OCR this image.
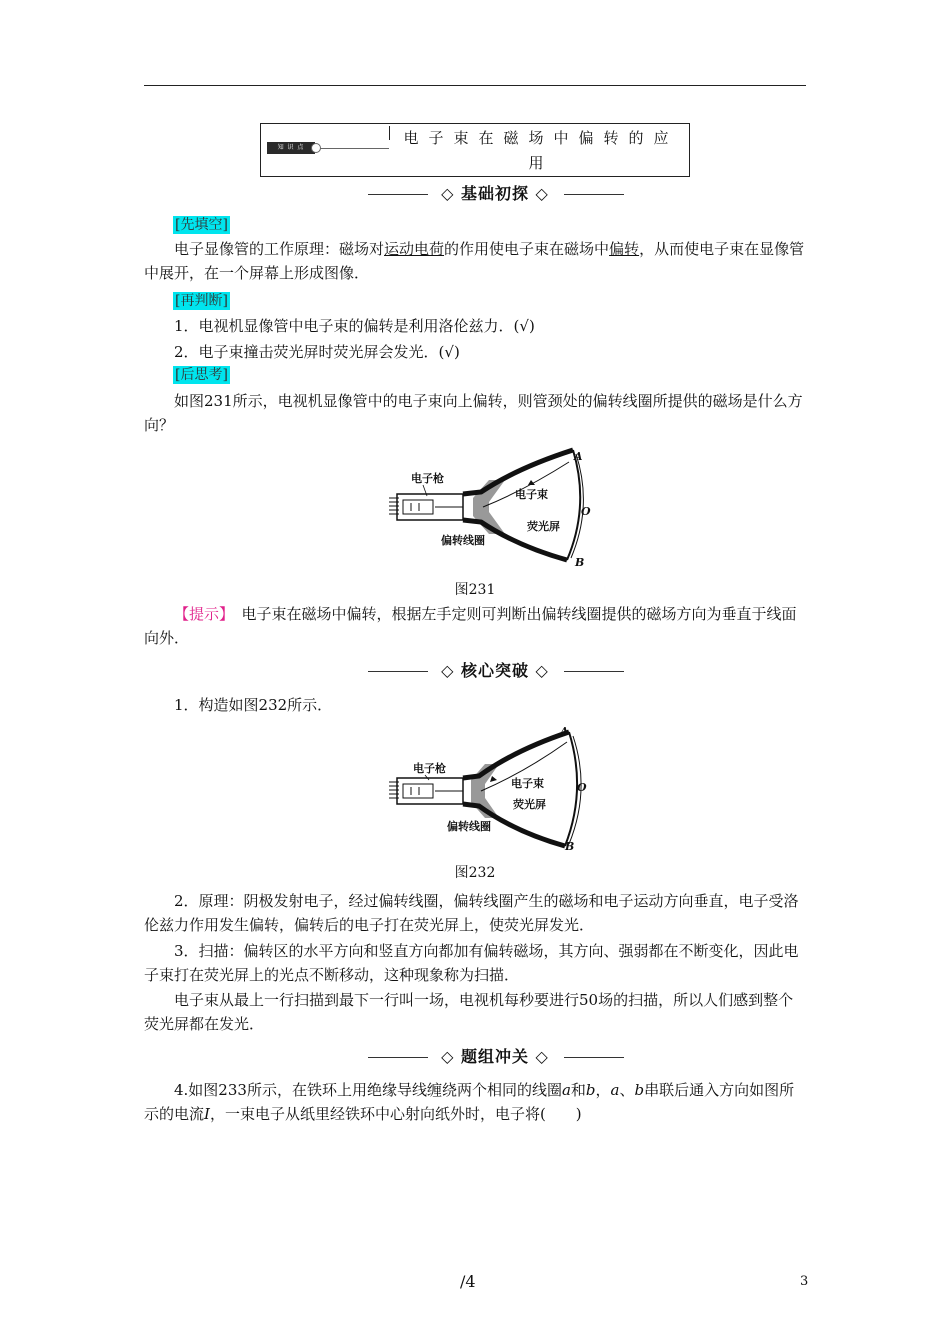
知 识 点
电子束在磁场中偏转的应用
◇ 基础初探 ◇
[先填空]
电子显像管的工作原理：磁场对运动电荷的作用使电子束在磁场中偏转，从而使电子束在显像管中展开，在一个屏幕上形成图像．
[再判断]
1．电视机显像管中电子束的偏转是利用洛伦兹力．(√)
2．电子束撞击荧光屏时荧光屏会发光．(√)
[后思考]
如图231所示，电视机显像管中的电子束向上偏转，则管颈处的偏转线圈所提供的磁场是什么方向？
电子枪
电子束
荧光屏
偏转线圈
A
O
B
图231
【提示】　电子束在磁场中偏转，根据左手定则可判断出偏转线圈提供的磁场方向为垂直于线面向外．
◇ 核心突破 ◇
1．构造如图232所示．
电子枪
电子束
荧光屏
偏转线圈
A
O
B
图232
2．原理：阴极发射电子，经过偏转线圈，偏转线圈产生的磁场和电子运动方向垂直，电子受洛伦兹力作用发生偏转，偏转后的电子打在荧光屏上，使荧光屏发光．
3．扫描：偏转区的水平方向和竖直方向都加有偏转磁场，其方向、强弱都在不断变化，因此电子束打在荧光屏上的光点不断移动，这种现象称为扫描．
电子束从最上一行扫描到最下一行叫一场，电视机每秒要进行50场的扫描，所以人们感到整个荧光屏都在发光．
◇ 题组冲关 ◇
4.如图233所示，在铁环上用绝缘导线缠绕两个相同的线圈a和b，a、b串联后通入方向如图所示的电流I，一束电子从纸里经铁环中心射向纸外时，电子将(　　)
/4	3
